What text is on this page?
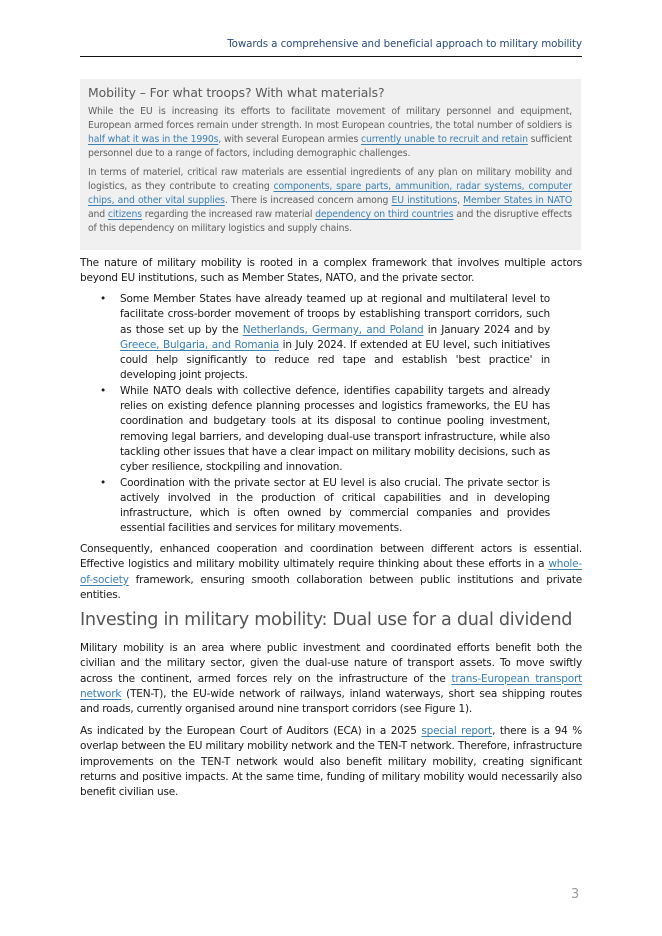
Towards a comprehensive and beneficial approach to military mobility
Mobility – For what troops? With what materials?

While the EU is increasing its efforts to facilitate movement of military personnel and equipment, European armed forces remain under strength. In most European countries, the total number of soldiers is half what it was in the 1990s, with several European armies currently unable to recruit and retain sufficient personnel due to a range of factors, including demographic challenges.

In terms of materiel, critical raw materials are essential ingredients of any plan on military mobility and logistics, as they contribute to creating components, spare parts, ammunition, radar systems, computer chips, and other vital supplies. There is increased concern among EU institutions, Member States in NATO and citizens regarding the increased raw material dependency on third countries and the disruptive effects of this dependency on military logistics and supply chains.

The nature of military mobility is rooted in a complex framework that involves multiple actors beyond EU institutions, such as Member States, NATO, and the private sector.

• Some Member States have already teamed up at regional and multilateral level to facilitate cross-border movement of troops by establishing transport corridors, such as those set up by the Netherlands, Germany, and Poland in January 2024 and by Greece, Bulgaria, and Romania in July 2024. If extended at EU level, such initiatives could help significantly to reduce red tape and establish 'best practice' in developing joint projects.
• While NATO deals with collective defence, identifies capability targets and already relies on existing defence planning processes and logistics frameworks, the EU has coordination and budgetary tools at its disposal to continue pooling investment, removing legal barriers, and developing dual-use transport infrastructure, while also tackling other issues that have a clear impact on military mobility decisions, such as cyber resilience, stockpiling and innovation.
• Coordination with the private sector at EU level is also crucial. The private sector is actively involved in the production of critical capabilities and in developing infrastructure, which is often owned by commercial companies and provides essential facilities and services for military movements.

Consequently, enhanced cooperation and coordination between different actors is essential. Effective logistics and military mobility ultimately require thinking about these efforts in a whole-of-society framework, ensuring smooth collaboration between public institutions and private entities.

Investing in military mobility: Dual use for a dual dividend

Military mobility is an area where public investment and coordinated efforts benefit both the civilian and the military sector, given the dual-use nature of transport assets. To move swiftly across the continent, armed forces rely on the infrastructure of the trans-European transport network (TEN-T), the EU-wide network of railways, inland waterways, short sea shipping routes and roads, currently organised around nine transport corridors (see Figure 1).

As indicated by the European Court of Auditors (ECA) in a 2025 special report, there is a 94 % overlap between the EU military mobility network and the TEN-T network. Therefore, infrastructure improvements on the TEN-T network would also benefit military mobility, creating significant returns and positive impacts. At the same time, funding of military mobility would necessarily also benefit civilian use.

3
